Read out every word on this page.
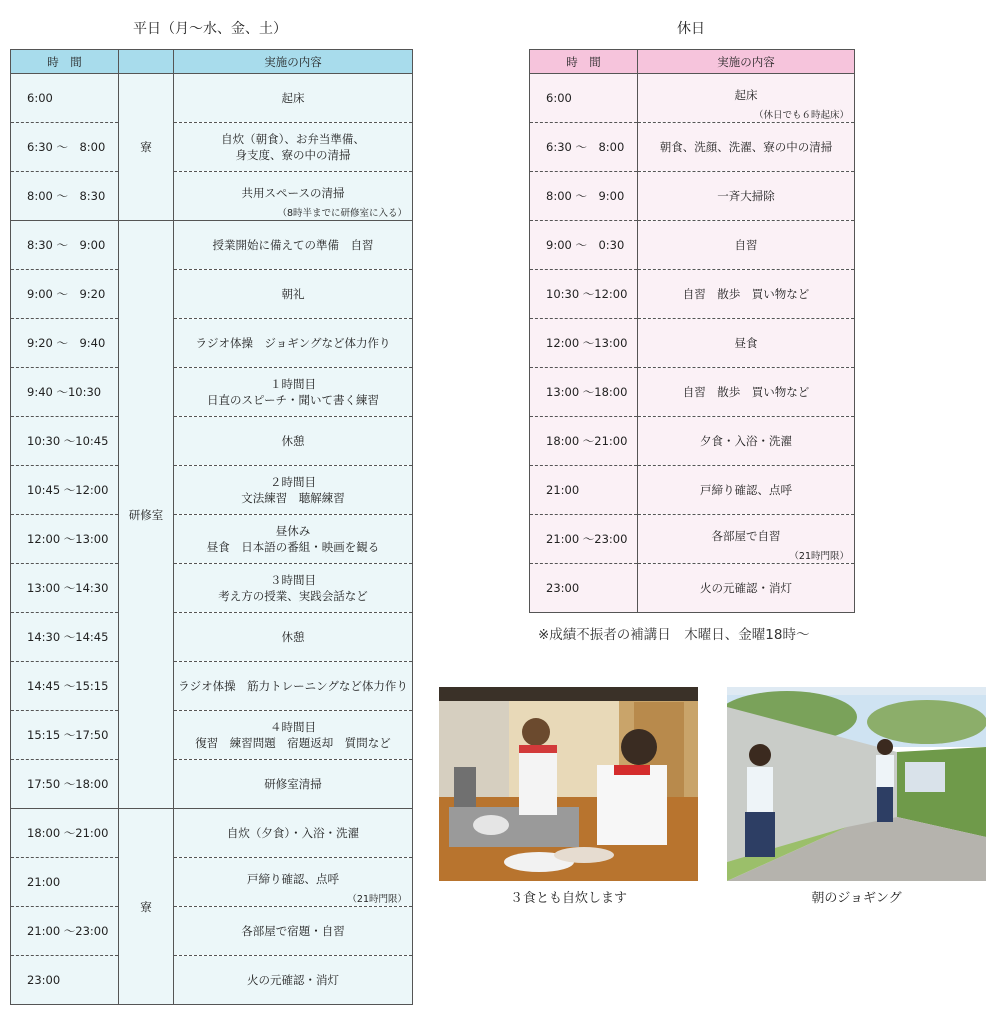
平日（月～水、金、土）	休日
時　間		実施の内容
6:00	寮	起床

6:30 ～　8:00		自炊（朝食）、お弁当準備、
身支度、寮の中の清掃

8:00 ～　8:30		共用スペースの清掃
（8時半までに研修室に入る）

8:30 ～　9:00	研修室	授業開始に備えての準備　自習

9:00 ～　9:20		朝礼

9:20 ～　9:40		ラジオ体操　ジョギングなど体力作り

9:40 ～10:30		１時間目
日直のスピーチ・聞いて書く練習

10:30 ～10:45		休憩

10:45 ～12:00		２時間目
文法練習　聴解練習

12:00 ～13:00		昼休み
昼食　日本語の番組・映画を観る

13:00 ～14:30		３時間目
考え方の授業、実践会話など

14:30 ～14:45		休憩

14:45 ～15:15		ラジオ体操　筋力トレーニングなど体力作り

15:15 ～17:50		４時間目
復習　練習問題　宿題返却　質問など

17:50 ～18:00		研修室清掃

18:00 ～21:00	寮	自炊（夕食）・入浴・洗濯

21:00		戸締り確認、点呼
（21時門限）

21:00 ～23:00		各部屋で宿題・自習

23:00		火の元確認・消灯
時　間	実施の内容
6:00	起床
（休日でも６時起床）

6:30 ～　8:00	朝食、洗顔、洗濯、寮の中の清掃

8:00 ～　9:00	一斉大掃除

9:00 ～　0:30	自習

10:30 ～12:00	自習　散歩　買い物など

12:00 ～13:00	昼食

13:00 ～18:00	自習　散歩　買い物など

18:00 ～21:00	夕食・入浴・洗濯

21:00	戸締り確認、点呼

21:00 ～23:00	各部屋で自習
（21時門限）

23:00	火の元確認・消灯
※成績不振者の補講日　木曜日、金曜18時～
３食とも自炊します	朝のジョギング
